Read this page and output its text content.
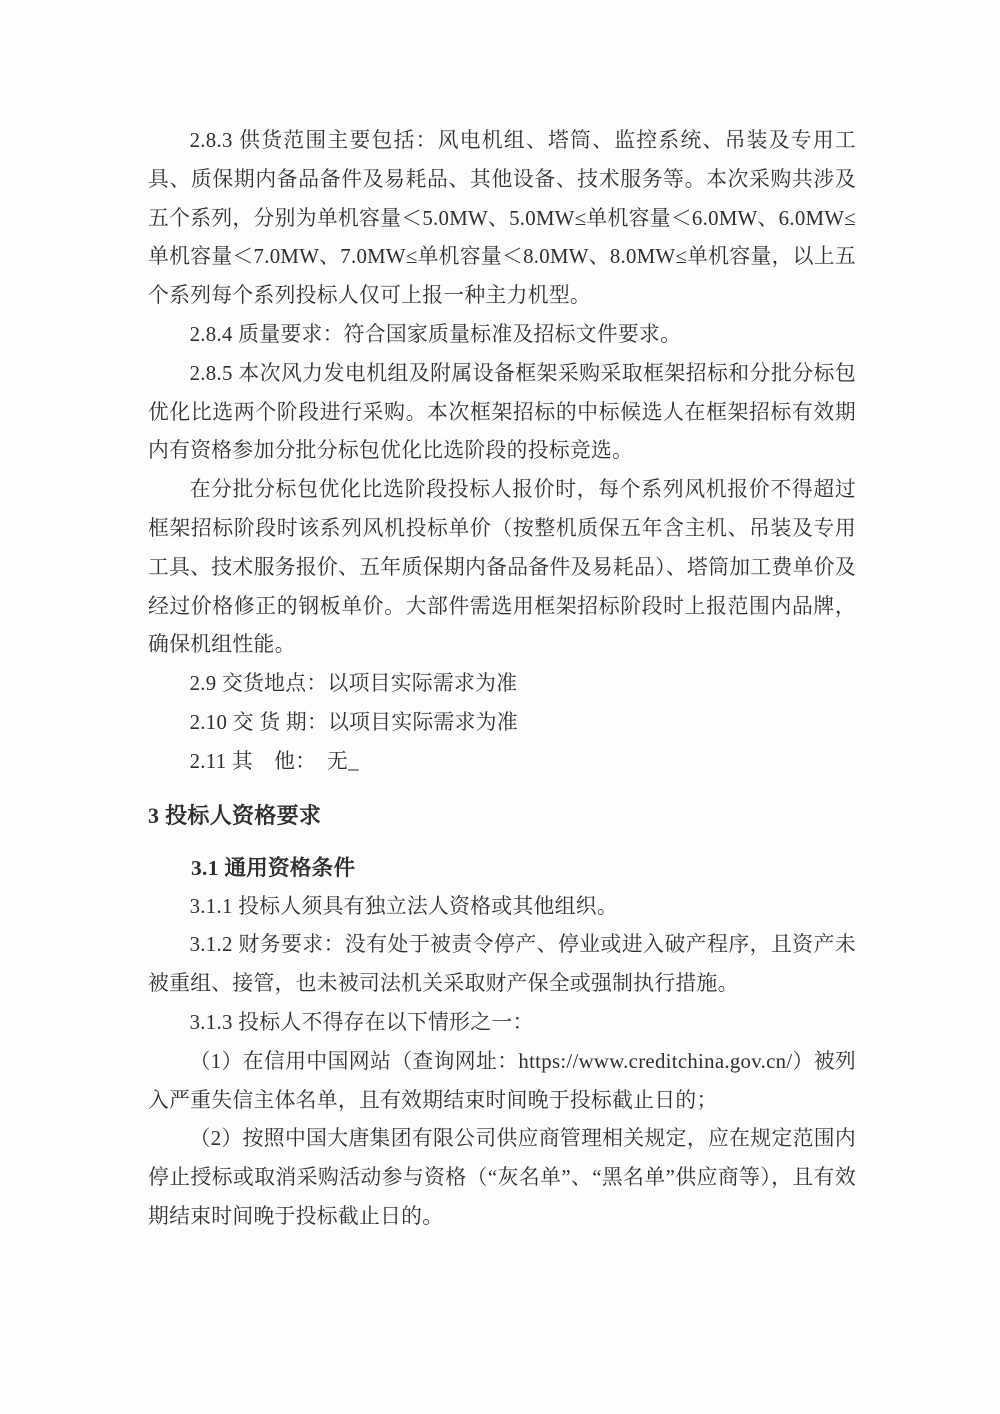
2.8.3 供货范围主要包括：风电机组、塔筒、监控系统、吊装及专用工具、质保期内备品备件及易耗品、其他设备、技术服务等。本次采购共涉及五个系列，分别为单机容量＜5.0MW、5.0MW≤单机容量＜6.0MW、6.0MW≤单机容量＜7.0MW、7.0MW≤单机容量＜8.0MW、8.0MW≤单机容量，以上五个系列每个系列投标人仅可上报一种主力机型。

2.8.4 质量要求：符合国家质量标准及招标文件要求。

2.8.5 本次风力发电机组及附属设备框架采购采取框架招标和分批分标包优化比选两个阶段进行采购。本次框架招标的中标候选人在框架招标有效期内有资格参加分批分标包优化比选阶段的投标竞选。

在分批分标包优化比选阶段投标人报价时，每个系列风机报价不得超过框架招标阶段时该系列风机投标单价（按整机质保五年含主机、吊装及专用工具、技术服务报价、五年质保期内备品备件及易耗品）、塔筒加工费单价及经过价格修正的钢板单价。大部件需选用框架招标阶段时上报范围内品牌，确保机组性能。

2.9 交货地点：以项目实际需求为准

2.10 交 货 期：以项目实际需求为准

2.11 其　他：　无_

3 投标人资格要求
3.1 通用资格条件

3.1.1 投标人须具有独立法人资格或其他组织。

3.1.2 财务要求：没有处于被责令停产、停业或进入破产程序，且资产未被重组、接管，也未被司法机关采取财产保全或强制执行措施。

3.1.3 投标人不得存在以下情形之一：

（1）在信用中国网站（查询网址：https://www.creditchina.gov.cn/）被列入严重失信主体名单，且有效期结束时间晚于投标截止日的；

（2）按照中国大唐集团有限公司供应商管理相关规定，应在规定范围内停止授标或取消采购活动参与资格（“灰名单”、“黑名单”供应商等），且有效期结束时间晚于投标截止日的。
